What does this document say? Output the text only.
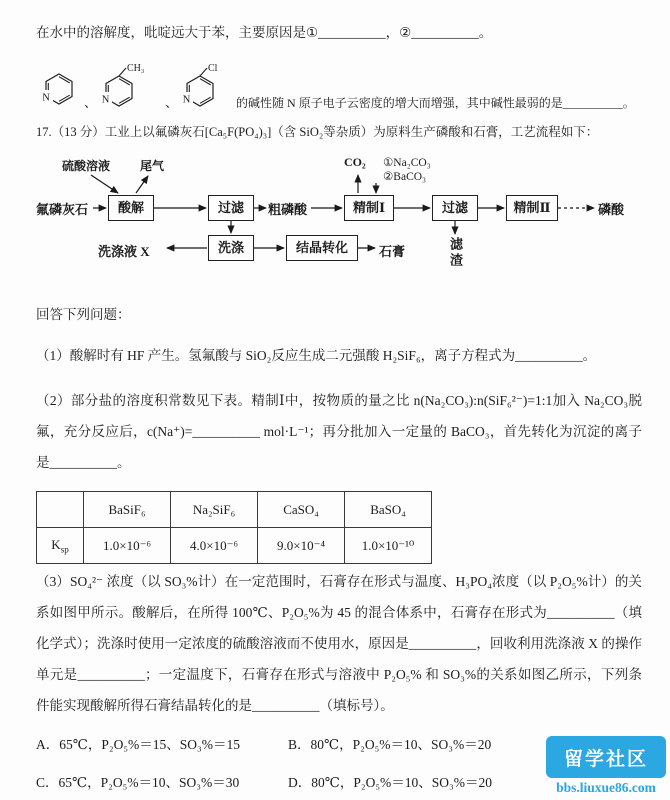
在水中的溶解度，吡啶远大于苯，主要原因是①__________，②__________。

N	、 N
CH₃
、 N
Cl
的碱性随 N 原子电子云密度的增大而增强，其中碱性最弱的是__________。

17.（13 分）工业上以氟磷灰石[Ca₅F(PO₄)₃]（含 SiO₂等杂质）为原料生产磷酸和石膏，工艺流程如下：

硫酸溶液 尾气
氟磷灰石	酸解	过滤	粗磷酸	精制Ⅰ	过滤	精制Ⅱ	磷酸
CO₂ ①Na₂CO₃
②BaCO₃
洗涤液 X	洗涤	结晶转化	石膏	滤渣

回答下列问题：

（1）酸解时有 HF 产生。氢氟酸与 SiO₂反应生成二元强酸 H₂SiF₆，离子方程式为__________。

（2）部分盐的溶度积常数见下表。精制Ⅰ中，按物质的量之比 n(Na₂CO₃):n(SiF₆²⁻)=1:1加入 Na₂CO₃脱氟，充分反应后，c(Na⁺)=__________ mol·L⁻¹；再分批加入一定量的 BaCO₃，首先转化为沉淀的离子是__________。

	BaSiF₆	Na₂SiF₆	CaSO₄	BaSO₄
$K_{sp}$	1.0×10⁻⁶	4.0×10⁻⁶	9.0×10⁻⁴	1.0×10⁻¹⁰

（3）SO₄²⁻ 浓度（以 SO₃%计）在一定范围时，石膏存在形式与温度、H₃PO₄浓度（以 P₂O₅%计）的关系如图甲所示。酸解后，在所得 100℃、P₂O₅%为 45 的混合体系中，石膏存在形式为__________（填化学式）；洗涤时使用一定浓度的硫酸溶液而不使用水，原因是__________，回收利用洗涤液 X 的操作单元是__________；一定温度下，石膏存在形式与溶液中 P₂O₅% 和 SO₃%的关系如图乙所示，下列条件能实现酸解所得石膏结晶转化的是__________（填标号）。

A．65℃，P₂O₅%＝15、SO₃%＝15	B．80℃，P₂O₅%＝10、SO₃%＝20
C．65℃，P₂O₅%＝10、SO₃%＝30	D．80℃，P₂O₅%＝10、SO₃%＝20
留学社区
bbs.liuxue86.com
